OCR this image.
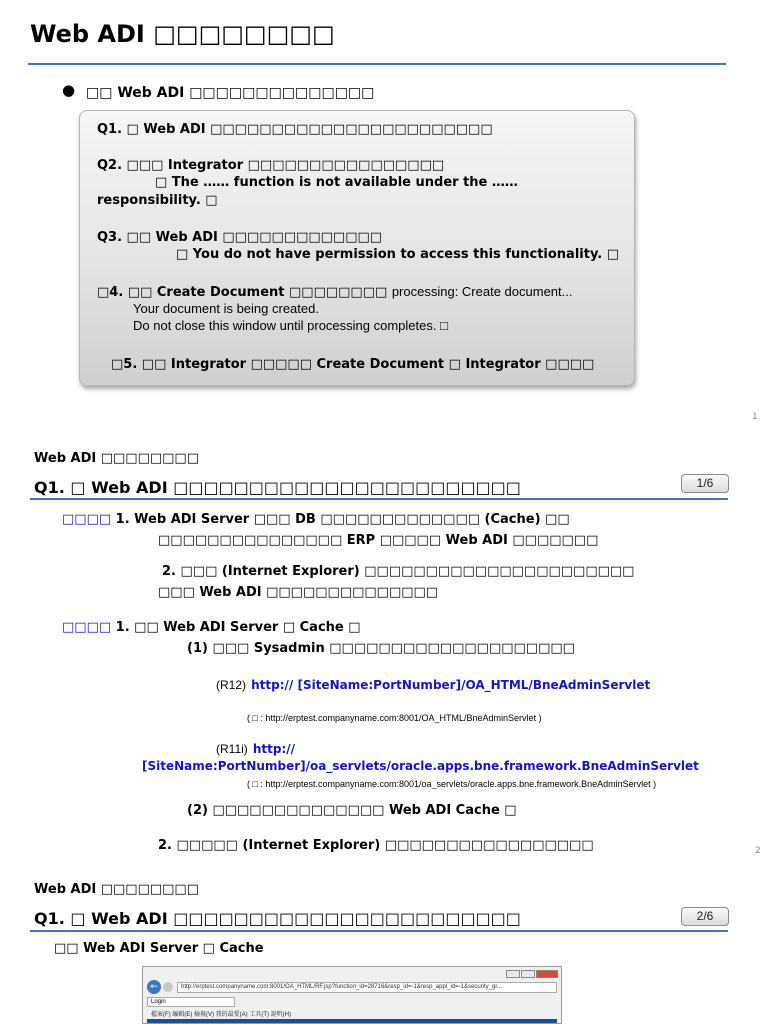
Web ADI □□□□□□□□
● □□ Web ADI □□□□□□□□□□□□□□
Q1. □ Web ADI □□□□□□□□□□□□□□□□□□□□□□□
Q2. □□□ Integrator □□□□□□□□□□□□□□□□
□ The …… function is not available under the ……
responsibility. □
Q3. □□ Web ADI □□□□□□□□□□□□□
□ You do not have permission to access this functionality. □
□4. □□ Create Document □□□□□□□□ processing: Create document...
Your document is being created.
Do not close this window until processing completes. □
□5. □□ Integrator □□□□□ Create Document □ Integrator □□□□
1
Web ADI □□□□□□□□
Q1. □ Web ADI □□□□□□□□□□□□□□□□□□□□□□□	1/6
□□□□ 1. Web ADI Server □□□ DB □□□□□□□□□□□□□ (Cache) □□
□□□□□□□□□□□□□□□ ERP □□□□□ Web ADI □□□□□□□
2. □□□ (Internet Explorer) □□□□□□□□□□□□□□□□□□□□□□
□□□ Web ADI □□□□□□□□□□□□□□
□□□□ 1. □□ Web ADI Server □ Cache □
(1) □□□ Sysadmin □□□□□□□□□□□□□□□□□□□□
(R12) http:// [SiteName:PortNumber]/OA_HTML/BneAdminServlet
( □ : http://erptest.companyname.com:8001/OA_HTML/BneAdminServlet )
(R11i) http://
[SiteName:PortNumber]/oa_servlets/oracle.apps.bne.framework.BneAdminServlet
( □ : http://erptest.companyname.com:8001/oa_servlets/oracle.apps.bne.framework.BneAdminServlet )
(2) □□□□□□□□□□□□□□ Web ADI Cache □
2. □□□□□ (Internet Explorer) □□□□□□□□□□□□□□□□□	2
Web ADI □□□□□□□□
Q1. □ Web ADI □□□□□□□□□□□□□□□□□□□□□□□	2/6
□□ Web ADI Server □ Cache
←	http://erptest.companyname.com:8001/OA_HTML/RF.jsp?function_id=28716&resp_id=-1&resp_appl_id=-1&security_gr...
Login
檔案(F) 編輯(E) 檢視(V) 我的最愛(A) 工具(T) 說明(H)
